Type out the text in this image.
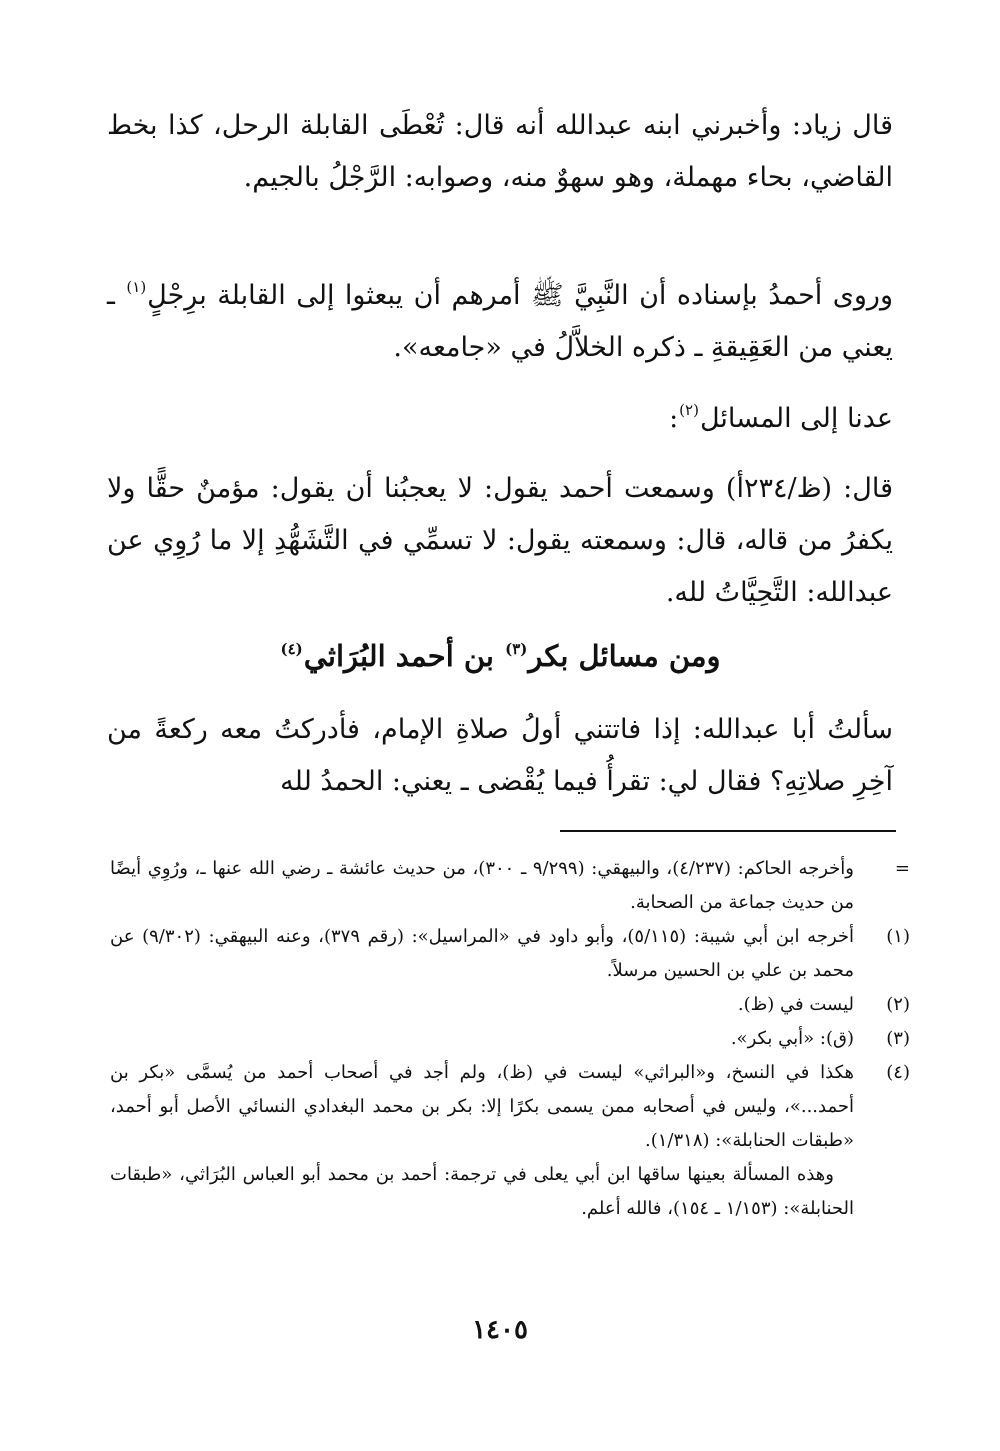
قال زياد: وأخبرني ابنه عبدالله أنه قال: تُعْطَى القابلة الرحل، كذا بخط القاضي، بحاء مهملة، وهو سهوٌ منه، وصوابه: الرَّجْلُ بالجيم.

وروى أحمدُ بإسناده أن النَّبِيَّ ﷺ أمرهم أن يبعثوا إلى القابلة برِجْلٍ$^{(١)}$ ـ يعني من العَقِيقةِ ـ ذكره الخلاَّلُ في «جامعه».

عدنا إلى المسائل$^{(٢)}$:

قال: (ظ/٢٣٤أ) وسمعت أحمد يقول: لا يعجبُنا أن يقول: مؤمنٌ حقًّا ولا يكفرُ من قاله، قال: وسمعته يقول: لا تسمِّي في التَّشَهُّدِ إلا ما رُوِي عن عبدالله: التَّحِيَّاتُ لله.

ومن مسائل بكر$^{(٣)}$ بن أحمد البُرَاثي$^{(٤)}$

سألتُ أبا عبدالله: إذا فاتتني أولُ صلاةِ الإمام، فأدركتُ معه ركعةً من آخِرِ صلاتِهِ؟ فقال لي: تقرأُ فيما يُقْضى ـ يعني: الحمدُ لله

=
وأخرجه الحاكم: (٤/٢٣٧)، والبيهقي: (٩/٢٩٩ ـ ٣٠٠)، من حديث عائشة ـ رضي الله عنها ـ، ورُوِي أيضًا من حديث جماعة من الصحابة.
(١)
أخرجه ابن أبي شيبة: (٥/١١٥)، وأبو داود في «المراسيل»: (رقم ٣٧٩)، وعنه البيهقي: (٩/٣٠٢) عن محمد بن علي بن الحسين مرسلاً.
(٢)
ليست في (ظ).
(٣)
(ق): «أبي بكر».
(٤)
هكذا في النسخ، و«البراثي» ليست في (ظ)، ولم أجد في أصحاب أحمد من يُسمَّى «بكر بن أحمد...»، وليس في أصحابه ممن يسمى بكرًا إلا: بكر بن محمد البغدادي النسائي الأصل أبو أحمد، «طبقات الحنابلة»: (١/٣١٨).

وهذه المسألة بعينها ساقها ابن أبي يعلى في ترجمة: أحمد بن محمد أبو العباس البُرَاثي، «طبقات الحنابلة»: (١/١٥٣ ـ ١٥٤)، فالله أعلم.

١٤٠٥
